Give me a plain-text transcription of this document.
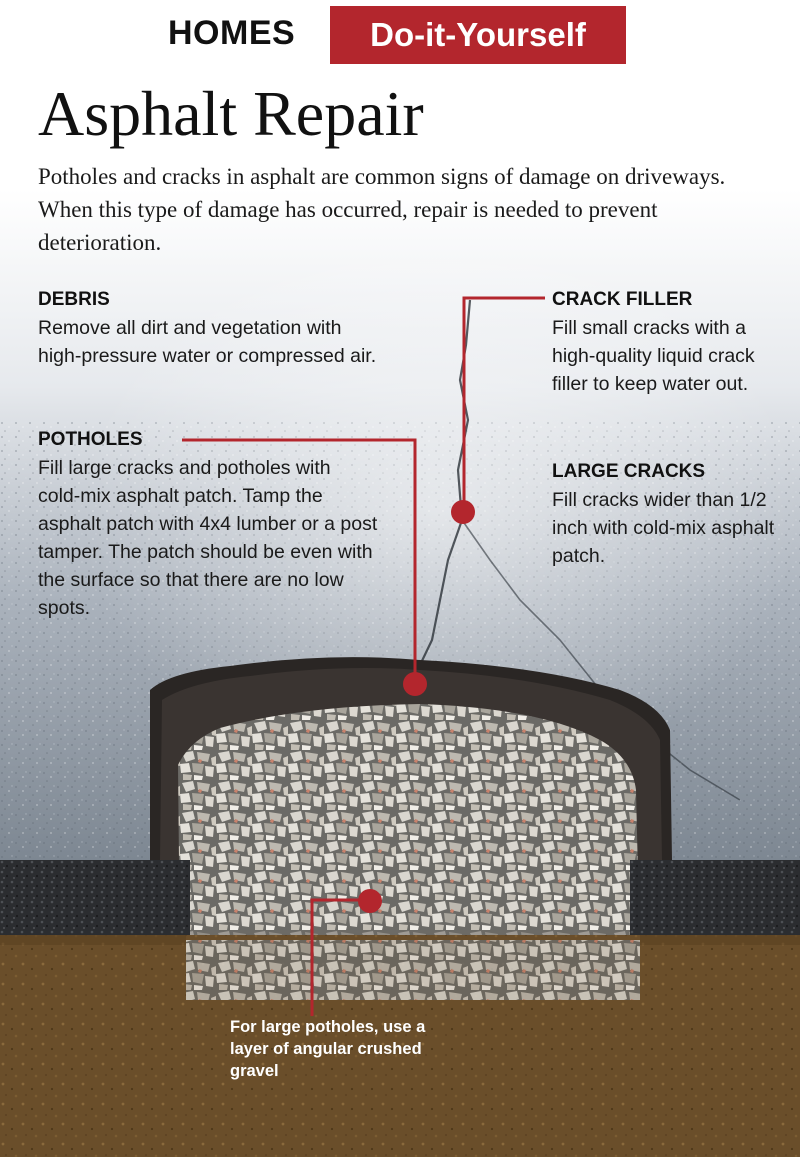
HOMES	Do-it-Yourself
Asphalt Repair
Potholes and cracks in asphalt are common signs of damage on driveways. When this type of damage has occurred, repair is needed to prevent deterioration.
DEBRIS

Remove all dirt and vegetation with high-pressure water or compressed air.

POTHOLES

Fill large cracks and potholes with cold-mix asphalt patch. Tamp the asphalt patch with 4x4 lumber or a post tamper. The patch should be even with the surface so that there are no low spots.

CRACK FILLER

Fill small cracks with a high-quality liquid crack filler to keep water out.

LARGE CRACKS

Fill cracks wider than 1/2 inch with cold-mix asphalt patch.

For large potholes, use a layer of angular crushed gravel
